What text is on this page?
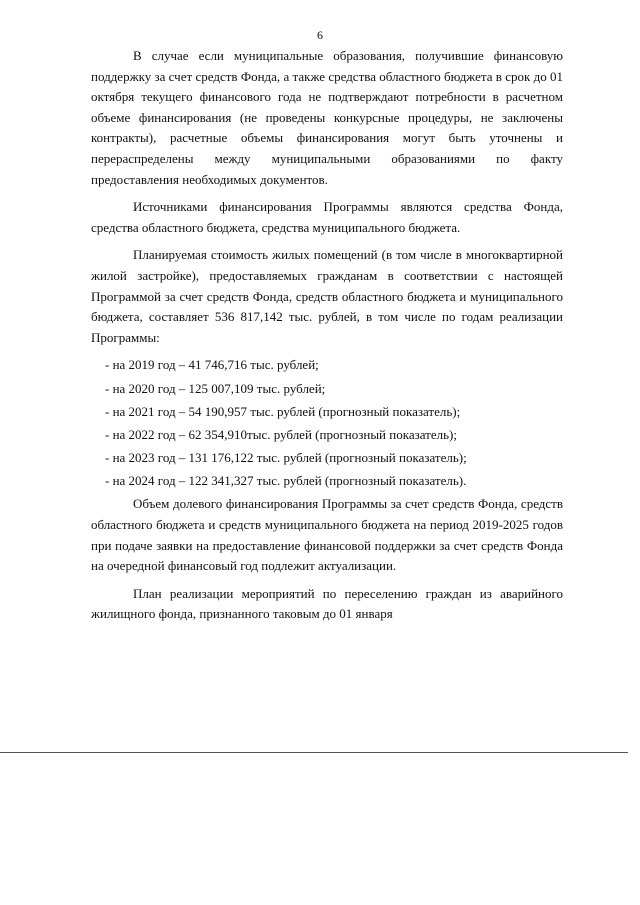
6

В случае если муниципальные образования, получившие финансовую поддержку за счет средств Фонда, а также средства областного бюджета в срок до 01 октября текущего финансового года не подтверждают потребности в расчетном объеме финансирования (не проведены конкурсные процедуры, не заключены контракты), расчетные объемы финансирования могут быть уточнены и перераспределены между муниципальными образованиями по факту предоставления необходимых документов.

Источниками финансирования Программы являются средства Фонда, средства областного бюджета, средства муниципального бюджета.

Планируемая стоимость жилых помещений (в том числе в многоквартирной жилой застройке), предоставляемых гражданам в соответствии с настоящей Программой за счет средств Фонда, средств областного бюджета и муниципального бюджета, составляет 536 817,142 тыс. рублей, в том числе по годам реализации Программы:

- на 2019 год – 41 746,716 тыс. рублей;
- на 2020 год – 125 007,109 тыс. рублей;
- на 2021 год – 54 190,957 тыс. рублей (прогнозный показатель);
- на 2022 год – 62 354,910тыс. рублей (прогнозный показатель);
- на 2023 год – 131 176,122 тыс. рублей (прогнозный показатель);
- на 2024 год – 122 341,327 тыс. рублей (прогнозный показатель).

Объем долевого финансирования Программы за счет средств Фонда, средств областного бюджета и средств муниципального бюджета на период 2019-2025 годов при подаче заявки на предоставление финансовой поддержки за счет средств Фонда на очередной финансовый год подлежит актуализации.

План реализации мероприятий по переселению граждан из аварийного жилищного фонда, признанного таковым до 01 января
